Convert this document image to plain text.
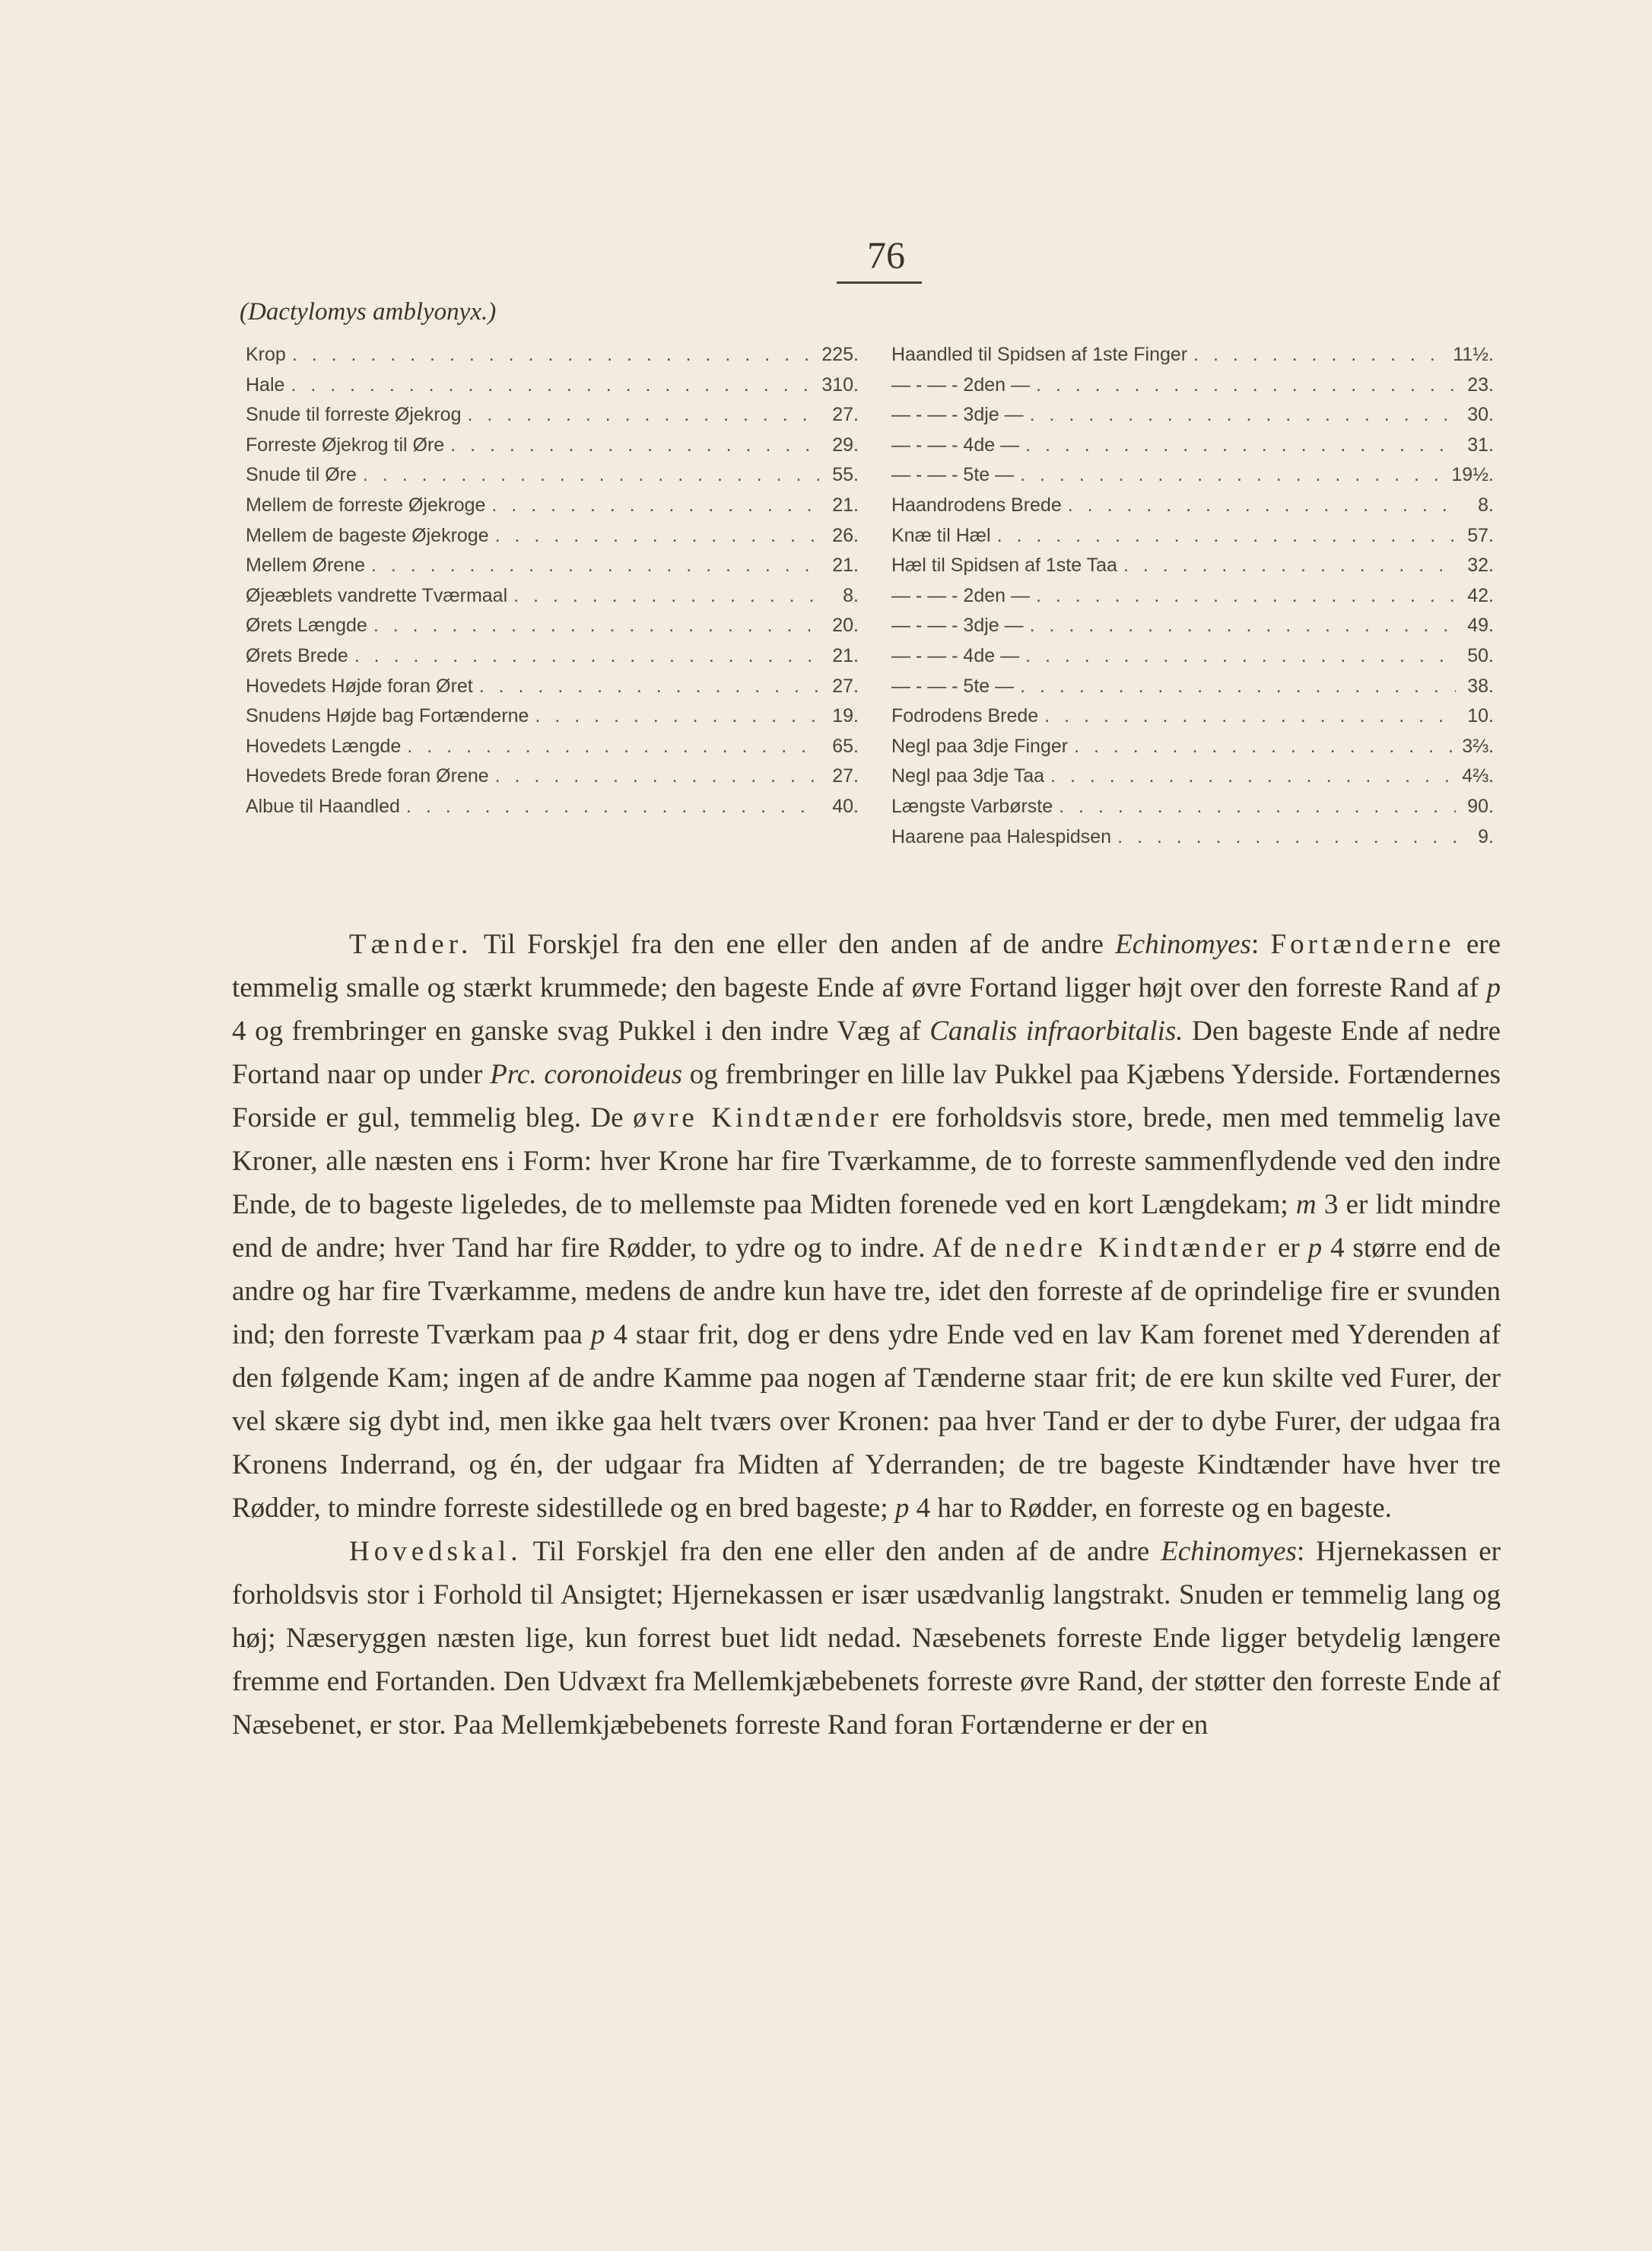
76
(Dactylomys amblyonyx.)
Krop . . .	225.
Hale . . .	310.
Snude til forreste Øjekrog . . .	27.
Forreste Øjekrog til Øre . . .	29.
Snude til Øre . . .	55.
Mellem de forreste Øjekroge . . .	21.
Mellem de bageste Øjekroge . . .	26.
Mellem Ørene . . .	21.
Øjeæblets vandrette Tværmaal . . .	8.
Ørets Længde . . .	20.
Ørets Brede . . .	21.
Hovedets Højde foran Øret . . .	27.
Snudens Højde bag Fortænderne . . .	19.
Hovedets Længde . . .	65.
Hovedets Brede foran Ørene . . .	27.
Albue til Haandled . . .	40.
Haandled til Spidsen af 1ste Finger . . .	11½.
— - — - 2den — . . .	23.
— - — - 3dje — . . .	30.
— - — - 4de — . . .	31.
— - — - 5te — . . .	19½.
Haandrodens Brede . . .	8.
Knæ til Hæl . . .	57.
Hæl til Spidsen af 1ste Taa . . .	32.
— - — - 2den — . . .	42.
— - — - 3dje — . . .	49.
— - — - 4de — . . .	50.
— - — - 5te — . . .	38.
Fodrodens Brede . . .	10.
Negl paa 3dje Finger . . .	3⅔.
Negl paa 3dje Taa . . .	4⅔.
Længste Varbørste . . .	90.
Haarene paa Halespidsen . . .	9.

Tænder. Til Forskjel fra den ene eller den anden af de andre Echinomyes: Fortænderne ere temmelig smalle og stærkt krummede; den bageste Ende af øvre Fortand ligger højt over den forreste Rand af p 4 og frembringer en ganske svag Pukkel i den indre Væg af Canalis infraorbitalis. Den bageste Ende af nedre Fortand naar op under Prc. coronoideus og frembringer en lille lav Pukkel paa Kjæbens Yderside. Fortændernes Forside er gul, temmelig bleg. De øvre Kindtænder ere forholdsvis store, brede, men med temmelig lave Kroner, alle næsten ens i Form: hver Krone har fire Tværkamme, de to forreste sammenflydende ved den indre Ende, de to bageste ligeledes, de to mellemste paa Midten forenede ved en kort Længdekam; m 3 er lidt mindre end de andre; hver Tand har fire Rødder, to ydre og to indre. Af de nedre Kindtænder er p 4 større end de andre og har fire Tværkamme, medens de andre kun have tre, idet den forreste af de oprindelige fire er svunden ind; den forreste Tværkam paa p 4 staar frit, dog er dens ydre Ende ved en lav Kam forenet med Yderenden af den følgende Kam; ingen af de andre Kamme paa nogen af Tænderne staar frit; de ere kun skilte ved Furer, der vel skære sig dybt ind, men ikke gaa helt tværs over Kronen: paa hver Tand er der to dybe Furer, der udgaa fra Kronens Inderrand, og én, der udgaar fra Midten af Yderranden; de tre bageste Kindtænder have hver tre Rødder, to mindre forreste sidestillede og en bred bageste; p 4 har to Rødder, en forreste og en bageste.

Hovedskal. Til Forskjel fra den ene eller den anden af de andre Echinomyes: Hjernekassen er forholdsvis stor i Forhold til Ansigtet; Hjernekassen er især usædvanlig langstrakt. Snuden er temmelig lang og høj; Næseryggen næsten lige, kun forrest buet lidt nedad. Næsebenets forreste Ende ligger betydelig længere fremme end Fortanden. Den Udvæxt fra Mellemkjæbebenets forreste øvre Rand, der støtter den forreste Ende af Næsebenet, er stor. Paa Mellemkjæbebenets forreste Rand foran Fortænderne er der en
